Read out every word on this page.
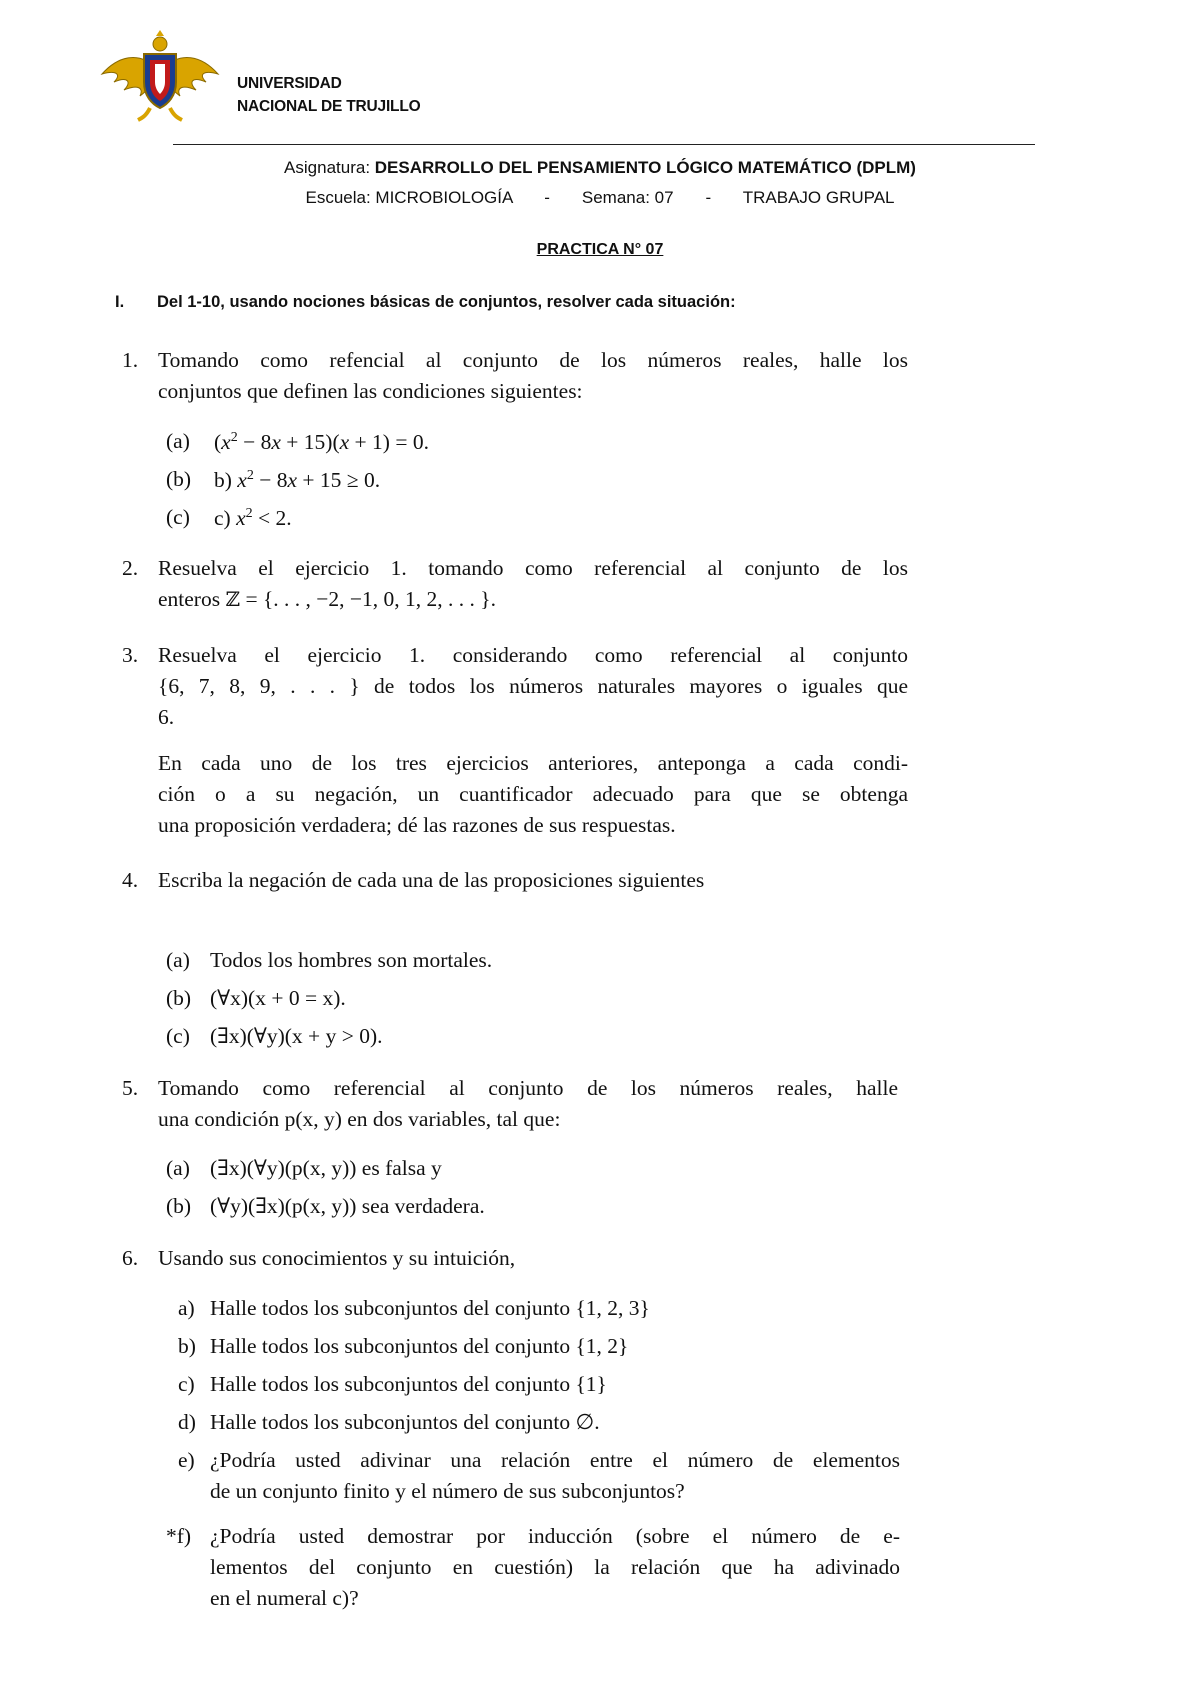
UNIVERSIDAD
NACIONAL DE TRUJILLO
Asignatura: DESARROLLO DEL PENSAMIENTO LÓGICO MATEMÁTICO (DPLM)
Escuela: MICROBIOLOGÍA - Semana: 07 - TRABAJO GRUPAL
PRACTICA N° 07
I. Del 1-10, usando nociones básicas de conjuntos, resolver cada situación:
1. Tomando como refencial al conjunto de los números reales, halle los
conjuntos que definen las condiciones siguientes:
(a) $(x^2 - 8x + 15)(x + 1) = 0$.
(b) b) $x^2 - 8x + 15 \ge 0$.
(c) c) $x^2 < 2$.
2. Resuelva el ejercicio 1. tomando como referencial al conjunto de los
enteros ℤ = {. . . , −2, −1, 0, 1, 2, . . . }.
3. Resuelva el ejercicio 1. considerando como referencial al conjunto
{6, 7, 8, 9, . . . } de todos los números naturales mayores o iguales que
6.
En cada uno de los tres ejercicios anteriores, anteponga a cada condi-
ción o a su negación, un cuantificador adecuado para que se obtenga
una proposición verdadera; dé las razones de sus respuestas.
4. Escriba la negación de cada una de las proposiciones siguientes
(a) Todos los hombres son mortales.
(b) (∀x)(x + 0 = x).
(c) (∃x)(∀y)(x + y > 0).
5. Tomando como referencial al conjunto de los números reales, halle
una condición p(x, y) en dos variables, tal que:
(a) (∃x)(∀y)(p(x, y)) es falsa y
(b) (∀y)(∃x)(p(x, y)) sea verdadera.
6. Usando sus conocimientos y su intuición,
a) Halle todos los subconjuntos del conjunto {1, 2, 3}
b) Halle todos los subconjuntos del conjunto {1, 2}
c) Halle todos los subconjuntos del conjunto {1}
d) Halle todos los subconjuntos del conjunto ∅.
e) ¿Podría usted adivinar una relación entre el número de elementos
de un conjunto finito y el número de sus subconjuntos?
*f) ¿Podría usted demostrar por inducción (sobre el número de e-
lementos del conjunto en cuestión) la relación que ha adivinado
en el numeral c)?
